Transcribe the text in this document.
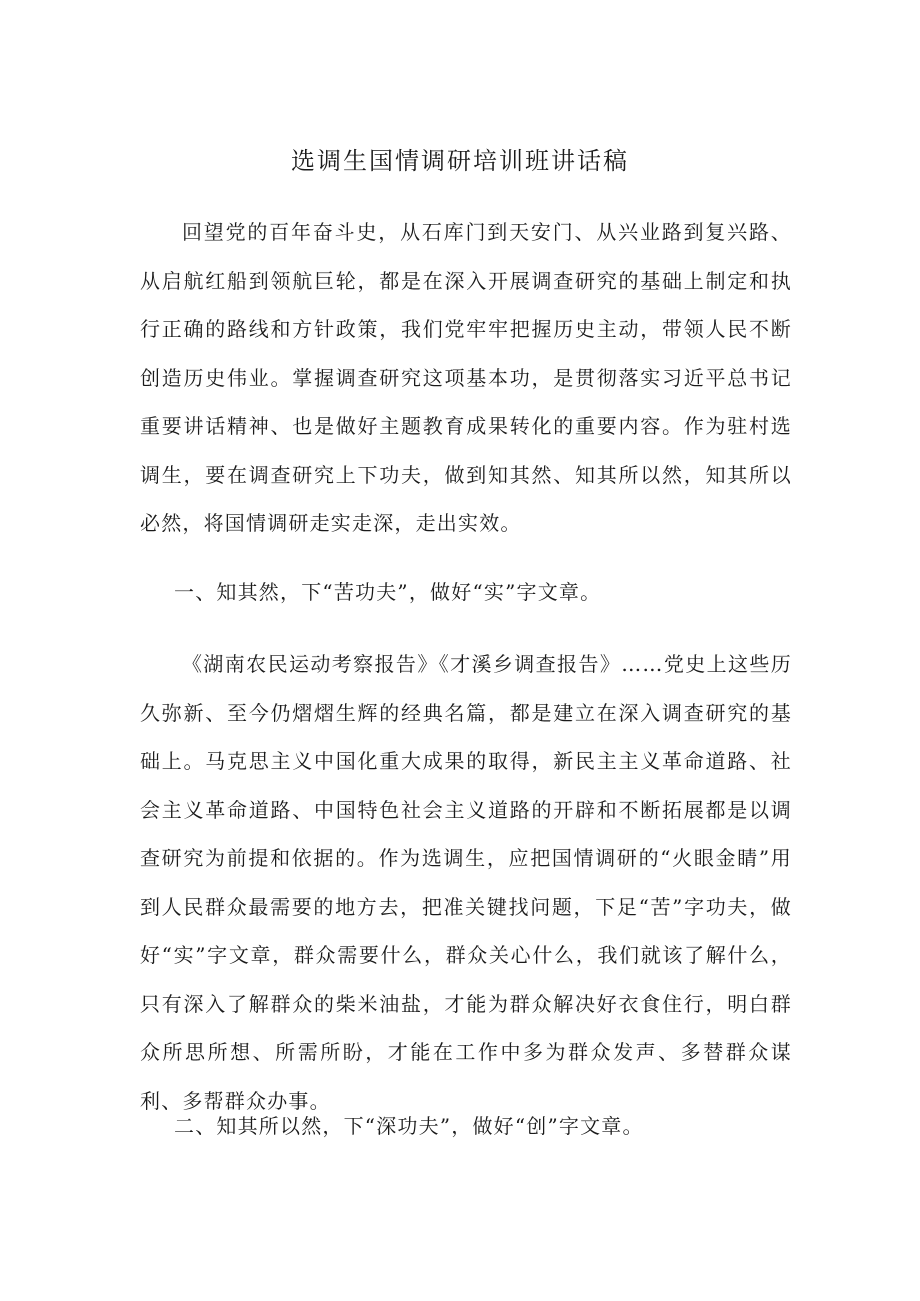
选调生国情调研培训班讲话稿

回望党的百年奋斗史，从石库门到天安门、从兴业路到复兴路、从启航红船到领航巨轮，都是在深入开展调查研究的基础上制定和执行正确的路线和方针政策，我们党牢牢把握历史主动，带领人民不断创造历史伟业。掌握调查研究这项基本功，是贯彻落实习近平总书记重要讲话精神、也是做好主题教育成果转化的重要内容。作为驻村选调生，要在调查研究上下功夫，做到知其然、知其所以然，知其所以必然，将国情调研走实走深，走出实效。

一、知其然，下“苦功夫”，做好“实”字文章。

《湖南农民运动考察报告》《才溪乡调查报告》……党史上这些历久弥新、至今仍熠熠生辉的经典名篇，都是建立在深入调查研究的基础上。马克思主义中国化重大成果的取得，新民主主义革命道路、社会主义革命道路、中国特色社会主义道路的开辟和不断拓展都是以调查研究为前提和依据的。作为选调生，应把国情调研的“火眼金睛”用到人民群众最需要的地方去，把准关键找问题，下足“苦”字功夫，做好“实”字文章，群众需要什么，群众关心什么，我们就该了解什么，只有深入了解群众的柴米油盐，才能为群众解决好衣食住行，明白群众所思所想、所需所盼，才能在工作中多为群众发声、多替群众谋利、多帮群众办事。

二、知其所以然，下“深功夫”，做好“创”字文章。
